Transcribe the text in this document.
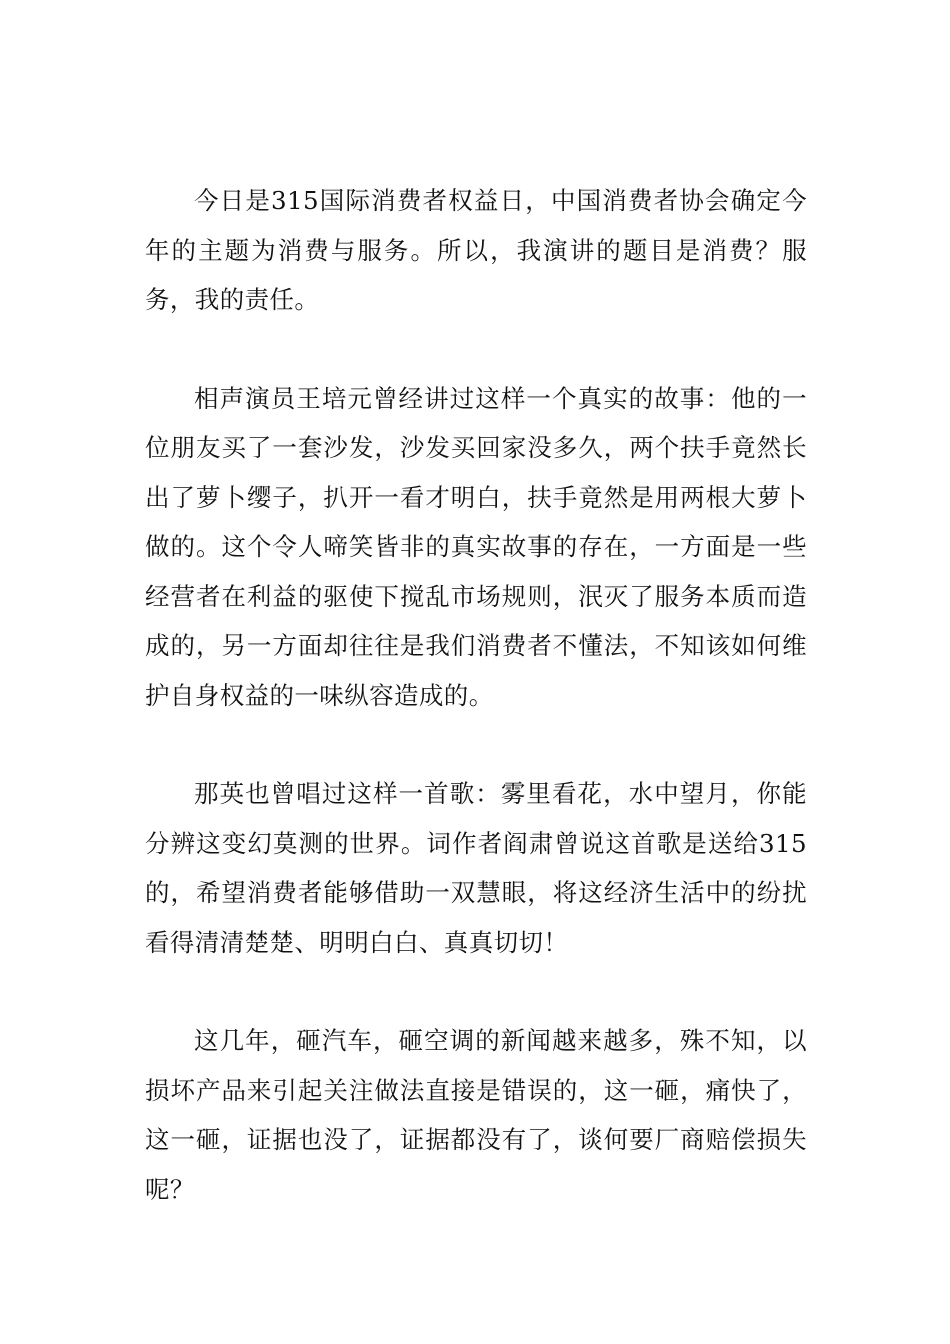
今日是315国际消费者权益日，中国消费者协会确定今年的主题为消费与服务。所以，我演讲的题目是消费？服务，我的责任。

相声演员王培元曾经讲过这样一个真实的故事：他的一位朋友买了一套沙发，沙发买回家没多久，两个扶手竟然长出了萝卜缨子，扒开一看才明白，扶手竟然是用两根大萝卜做的。这个令人啼笑皆非的真实故事的存在，一方面是一些经营者在利益的驱使下搅乱市场规则，泯灭了服务本质而造成的，另一方面却往往是我们消费者不懂法，不知该如何维护自身权益的一味纵容造成的。

那英也曾唱过这样一首歌：雾里看花，水中望月，你能分辨这变幻莫测的世界。词作者阎肃曾说这首歌是送给315的，希望消费者能够借助一双慧眼，将这经济生活中的纷扰看得清清楚楚、明明白白、真真切切！

这几年，砸汽车，砸空调的新闻越来越多，殊不知，以损坏产品来引起关注做法直接是错误的，这一砸，痛快了，这一砸，证据也没了，证据都没有了，谈何要厂商赔偿损失呢？
